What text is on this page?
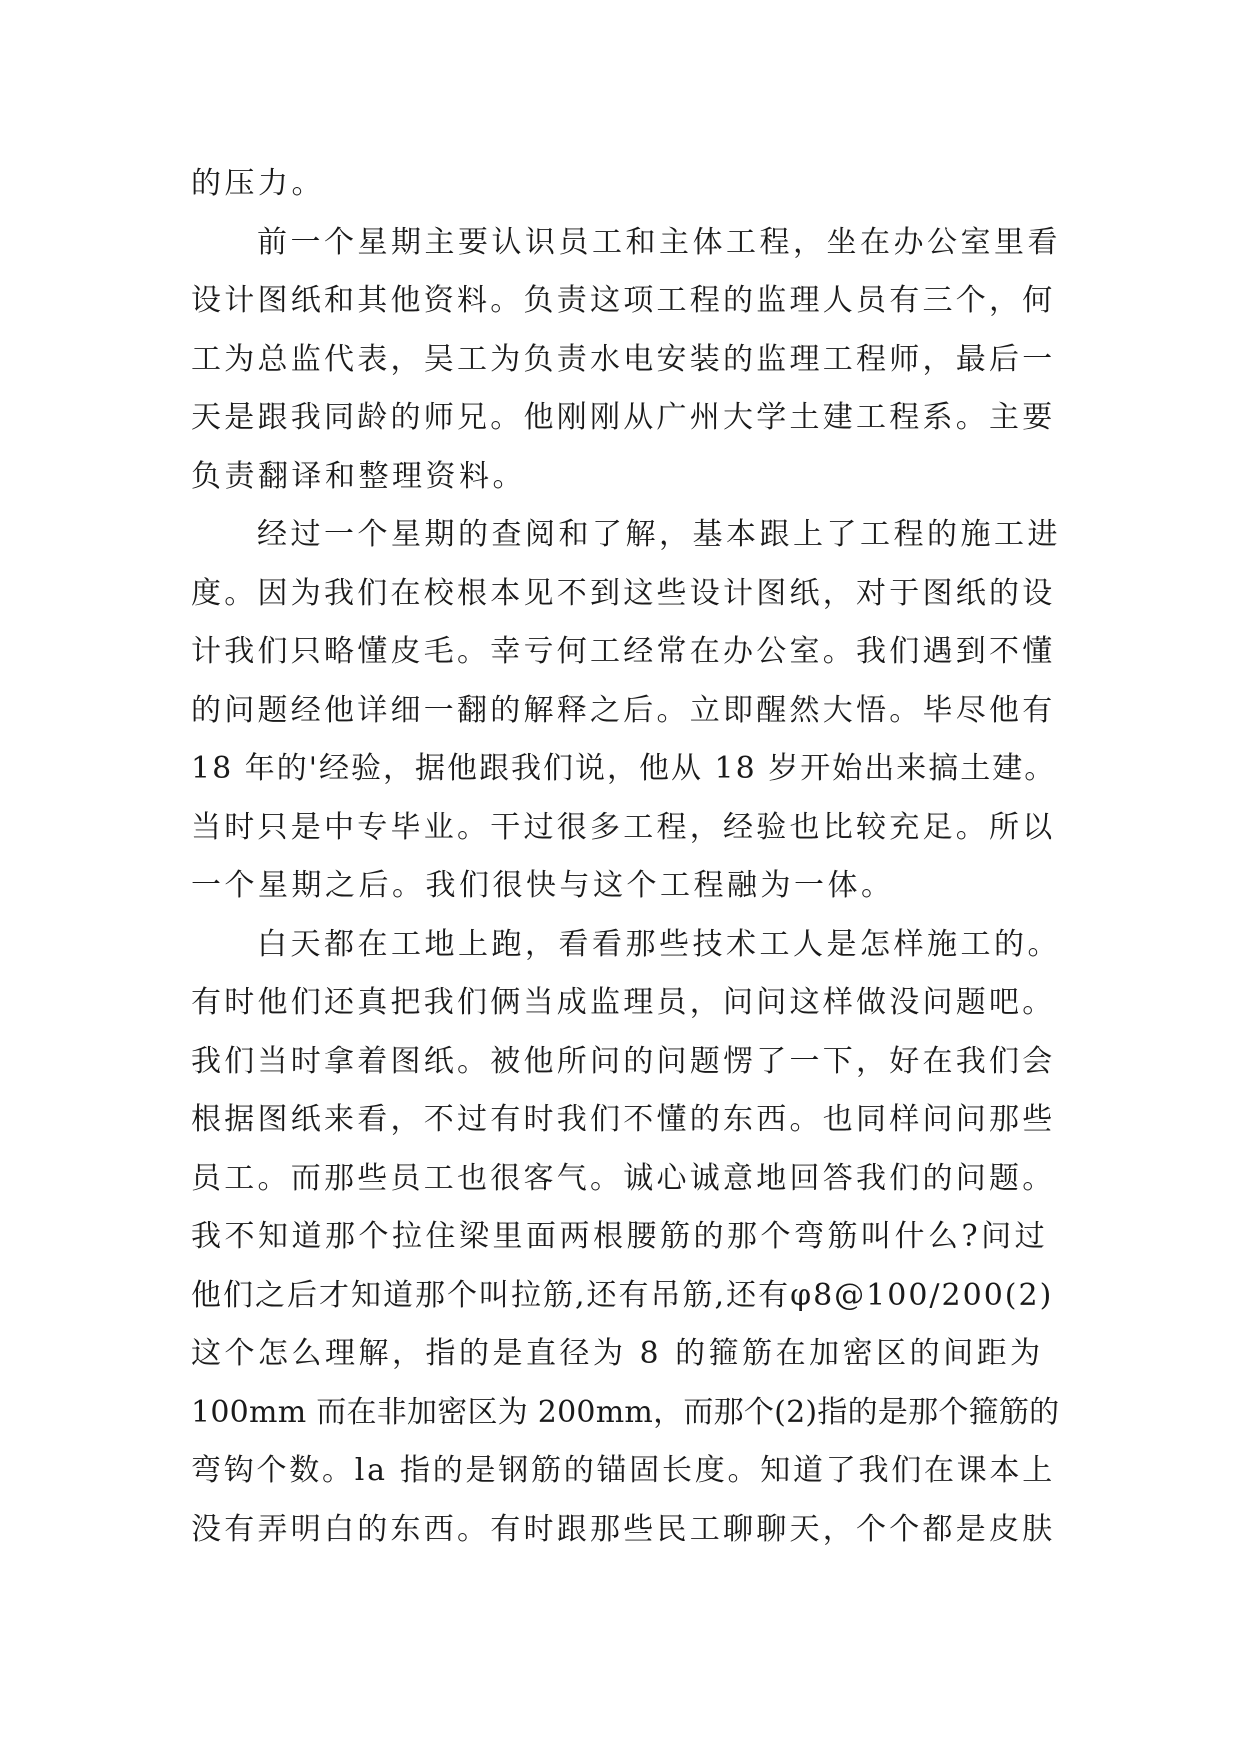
的压力。
前一个星期主要认识员工和主体工程，坐在办公室里看
设计图纸和其他资料。负责这项工程的监理人员有三个，何
工为总监代表，吴工为负责水电安装的监理工程师，最后一
天是跟我同龄的师兄。他刚刚从广州大学土建工程系。主要
负责翻译和整理资料。
经过一个星期的查阅和了解，基本跟上了工程的施工进
度。因为我们在校根本见不到这些设计图纸，对于图纸的设
计我们只略懂皮毛。幸亏何工经常在办公室。我们遇到不懂
的问题经他详细一翻的解释之后。立即醒然大悟。毕尽他有
18 年的'经验，据他跟我们说，他从 18 岁开始出来搞土建。
当时只是中专毕业。干过很多工程，经验也比较充足。所以
一个星期之后。我们很快与这个工程融为一体。
白天都在工地上跑，看看那些技术工人是怎样施工的。
有时他们还真把我们俩当成监理员，问问这样做没问题吧。
我们当时拿着图纸。被他所问的问题愣了一下，好在我们会
根据图纸来看，不过有时我们不懂的东西。也同样问问那些
员工。而那些员工也很客气。诚心诚意地回答我们的问题。
我不知道那个拉住梁里面两根腰筋的那个弯筋叫什么?问过
他们之后才知道那个叫拉筋,还有吊筋,还有φ8@100/200(2)
这个怎么理解，指的是直径为 8 的箍筋在加密区的间距为
100mm 而在非加密区为 200mm，而那个(2)指的是那个箍筋的
弯钩个数。la 指的是钢筋的锚固长度。知道了我们在课本上
没有弄明白的东西。有时跟那些民工聊聊天，个个都是皮肤
